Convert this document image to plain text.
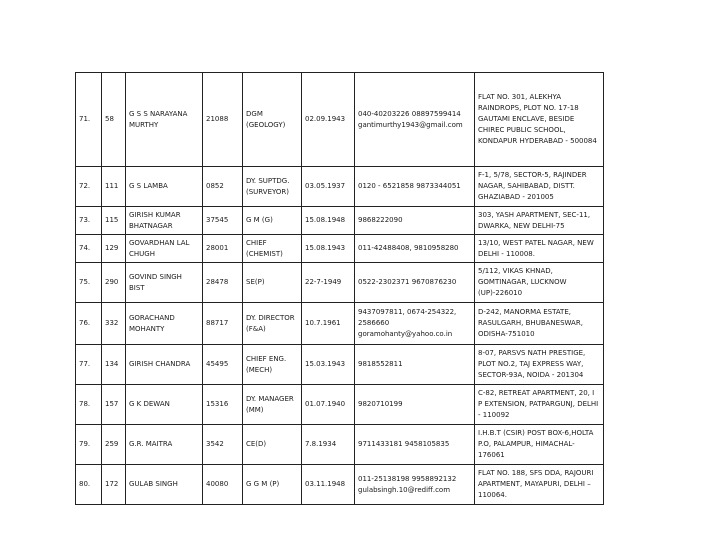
71.	58	G S S NARAYANA MURTHY	21088	DGM (GEOLOGY)	02.09.1943	040-40203226 08897599414 gantimurthy1943@gmail.com	FLAT NO. 301, ALEKHYA RAINDROPS, PLOT NO. 17-18 GAUTAMI ENCLAVE, BESIDE CHIREC PUBLIC SCHOOL, KONDAPUR HYDERABAD - 500084
72.	111	G S LAMBA	0852	DY. SUPTDG. (SURVEYOR)	03.05.1937	0120 - 6521858 9873344051	F-1, 5/78, SECTOR-5, RAJINDER NAGAR, SAHIBABAD, DISTT. GHAZIABAD - 201005
73.	115	GIRISH KUMAR BHATNAGAR	37545	G M (G)	15.08.1948	9868222090	303, YASH APARTMENT, SEC-11, DWARKA, NEW DELHI-75
74.	129	GOVARDHAN LAL CHUGH	28001	CHIEF (CHEMIST)	15.08.1943	011-42488408, 9810958280	13/10, WEST PATEL NAGAR, NEW DELHI - 110008.
75.	290	GOVIND SINGH BIST	28478	SE(P)	22-7-1949	0522-2302371 9670876230	5/112, VIKAS KHNAD, GOMTINAGAR, LUCKNOW (UP)-226010
76.	332	GORACHAND MOHANTY	88717	DY. DIRECTOR (F&A)	10.7.1961	9437097811, 0674-254322, 2586660 goramohanty@yahoo.co.in	D-242, MANORMA ESTATE, RASULGARH, BHUBANESWAR, ODISHA-751010
77.	134	GIRISH CHANDRA	45495	CHIEF ENG. (MECH)	15.03.1943	9818552811	8-07, PARSVS NATH PRESTIGE, PLOT NO.2, TAJ EXPRESS WAY, SECTOR-93A, NOIDA - 201304
78.	157	G K DEWAN	15316	DY. MANAGER (MM)	01.07.1940	9820710199	C-82, RETREAT APARTMENT, 20, I P EXTENSION, PATPARGUNJ, DELHI - 110092
79.	259	G.R. MAITRA	3542	CE(D)	7.8.1934	9711433181 9458105835	I.H.B.T (CSIR) POST BOX-6,HOLTA P.O, PALAMPUR, HIMACHAL-176061
80.	172	GULAB SINGH	40080	G G M (P)	03.11.1948	011-25138198 9958892132 gulabsingh.10@rediff.com	FLAT NO. 188, SFS DDA, RAJOURI APARTMENT, MAYAPURI, DELHI – 110064.
